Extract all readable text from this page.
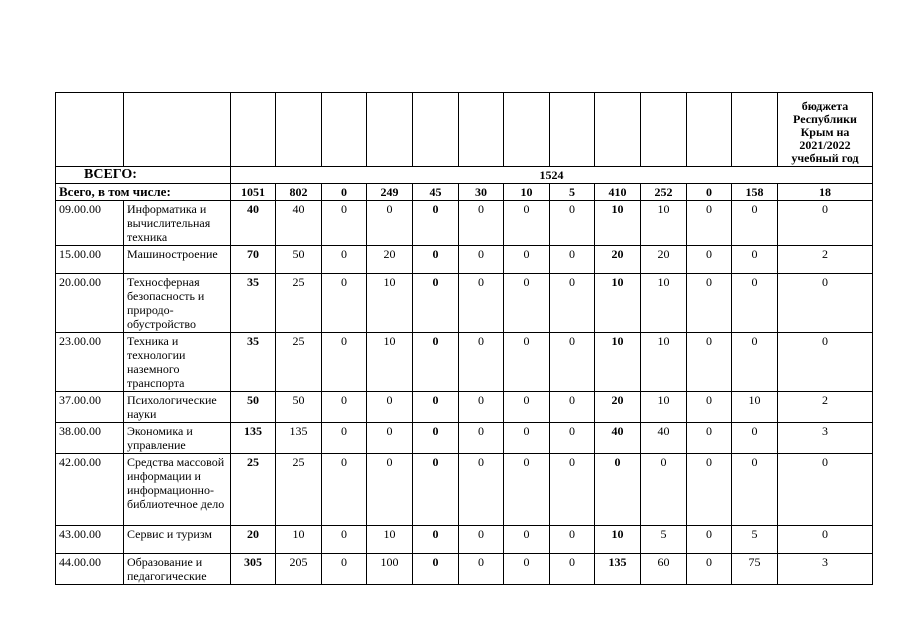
														бюджета Республики Крым на 2021/2022 учебный год
ВСЕГО:		1524												
Всего, в том числе:		1051	802	0	249	45	30	10	5	410	252	0	158	18
09.00.00	Информатика и вычислительная техника	40	40	0	0	0	0	0	0	10	10	0	0	0
15.00.00	Машиностроение	70	50	0	20	0	0	0	0	20	20	0	0	2
20.00.00	Техносферная безопасность и природо-обустройство	35	25	0	10	0	0	0	0	10	10	0	0	0
23.00.00	Техника и технологии наземного транспорта	35	25	0	10	0	0	0	0	10	10	0	0	0
37.00.00	Психологические науки	50	50	0	0	0	0	0	0	20	10	0	10	2
38.00.00	Экономика и управление	135	135	0	0	0	0	0	0	40	40	0	0	3
42.00.00	Средства массовой информации и информационно-библиотечное дело	25	25	0	0	0	0	0	0	0	0	0	0	0
43.00.00	Сервис и туризм	20	10	0	10	0	0	0	0	10	5	0	5	0
44.00.00	Образование и педагогические	305	205	0	100	0	0	0	0	135	60	0	75	3
